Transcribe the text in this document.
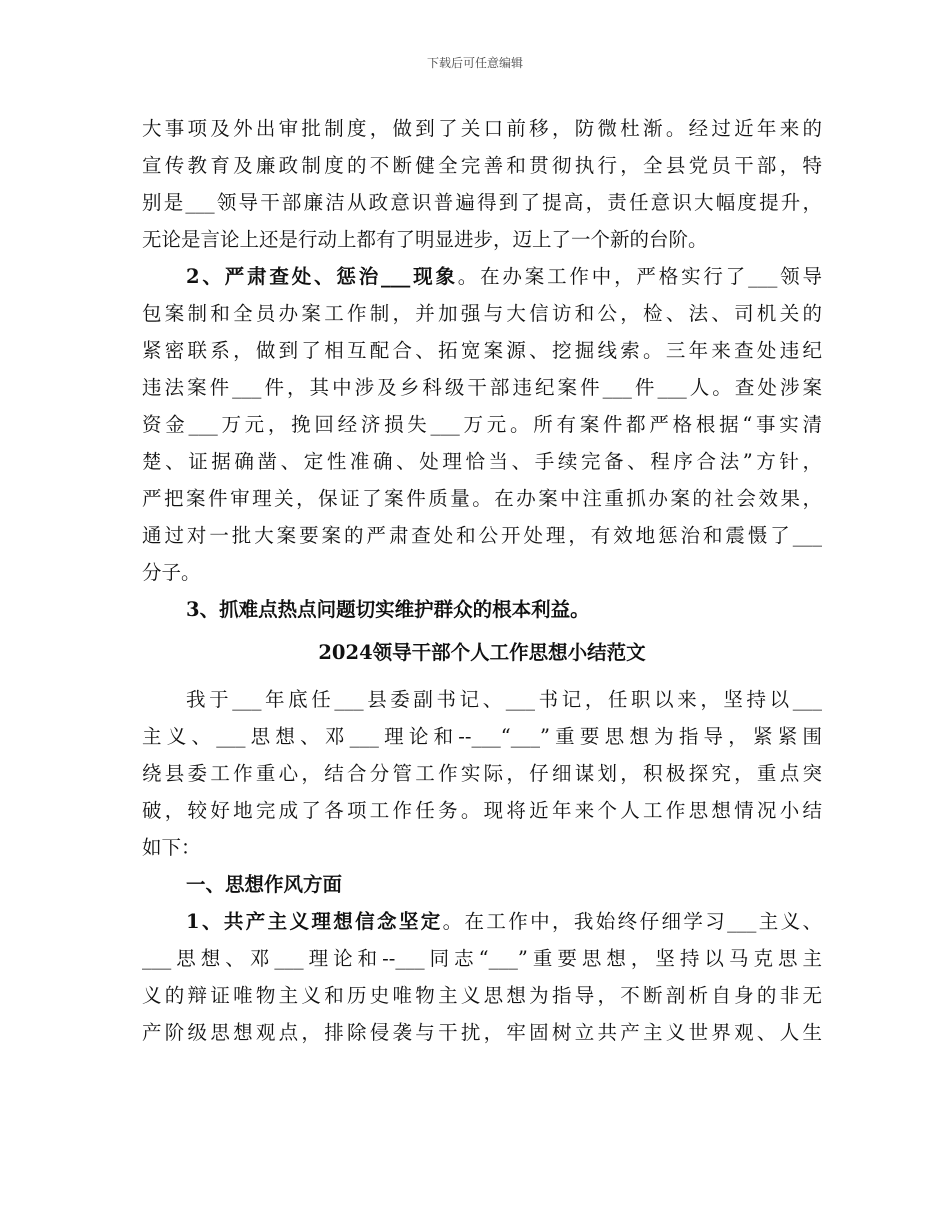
下载后可任意编辑
大事项及外出审批制度，做到了关口前移，防微杜渐。经过近年来的
宣传教育及廉政制度的不断健全完善和贯彻执行，全县党员干部，特
别是___领导干部廉洁从政意识普遍得到了提高，责任意识大幅度提升，
无论是言论上还是行动上都有了明显进步，迈上了一个新的台阶。
2、严肃查处、惩治___现象。在办案工作中，严格实行了___领导
包案制和全员办案工作制，并加强与大信访和公，检、法、司机关的
紧密联系，做到了相互配合、拓宽案源、挖掘线索。三年来查处违纪
违法案件___件，其中涉及乡科级干部违纪案件___件___人。查处涉案
资金___万元，挽回经济损失___万元。所有案件都严格根据“事实清
楚、证据确凿、定性准确、处理恰当、手续完备、程序合法”方针，
严把案件审理关，保证了案件质量。在办案中注重抓办案的社会效果，
通过对一批大案要案的严肃查处和公开处理，有效地惩治和震慑了___
分子。
3、抓难点热点问题切实维护群众的根本利益。
2024领导干部个人工作思想小结范文
我于___年底任___县委副书记、___书记，任职以来，坚持以___
主义、___思想、邓___理论和--___“___”重要思想为指导，紧紧围
绕县委工作重心，结合分管工作实际，仔细谋划，积极探究，重点突
破，较好地完成了各项工作任务。现将近年来个人工作思想情况小结
如下：
一、思想作风方面
1、共产主义理想信念坚定。在工作中，我始终仔细学习___主义、
___思想、邓___理论和--___同志“___”重要思想，坚持以马克思主
义的辩证唯物主义和历史唯物主义思想为指导，不断剖析自身的非无
产阶级思想观点，排除侵袭与干扰，牢固树立共产主义世界观、人生
